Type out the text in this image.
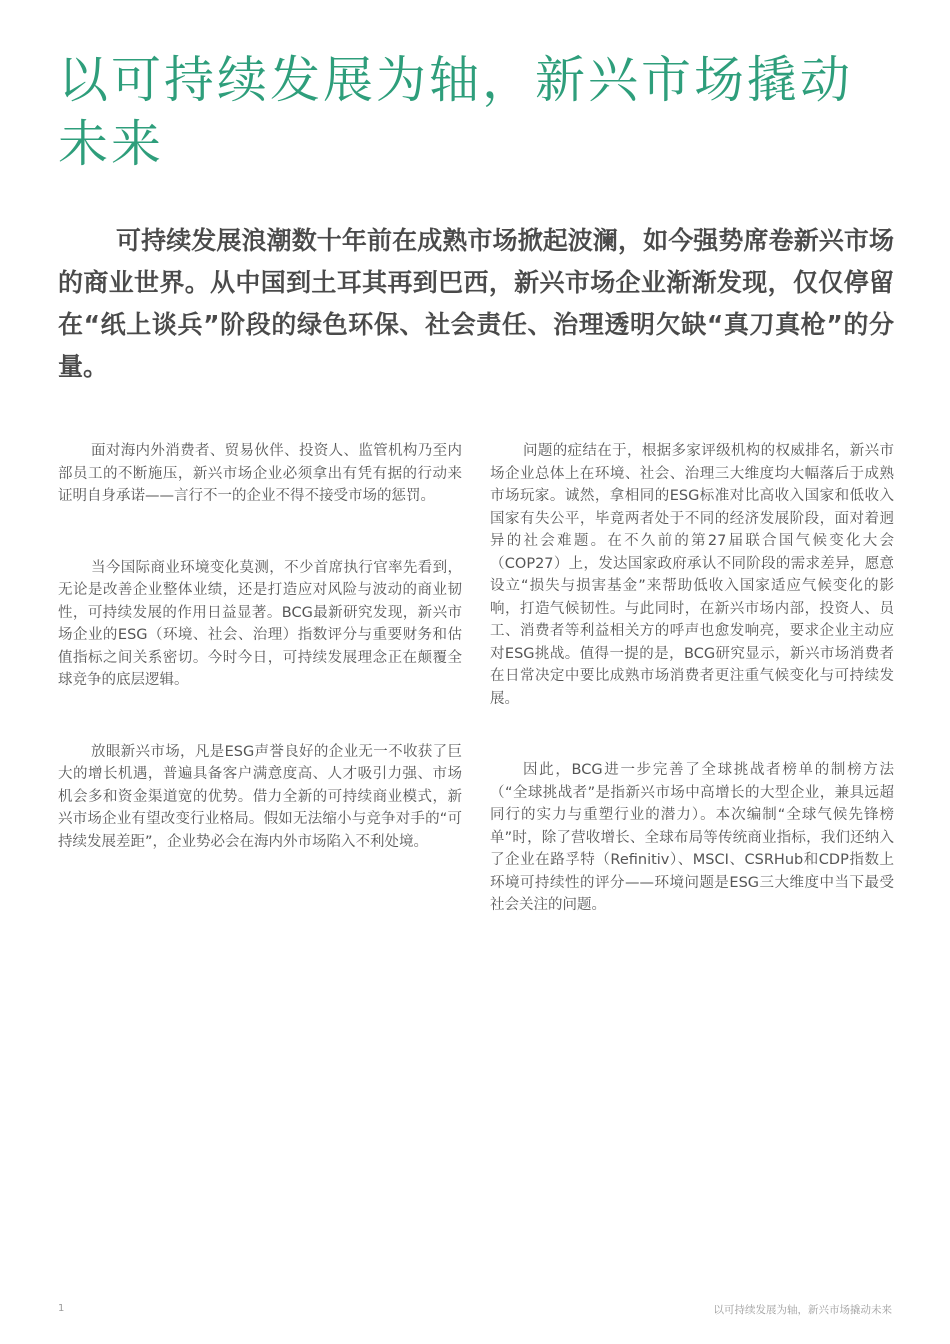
以可持续发展为轴，新兴市场撬动未来

可持续发展浪潮数十年前在成熟市场掀起波澜，如今强势席卷新兴市场的商业世界。从中国到土耳其再到巴西，新兴市场企业渐渐发现，仅仅停留在“纸上谈兵”阶段的绿色环保、社会责任、治理透明欠缺“真刀真枪”的分量。

面对海内外消费者、贸易伙伴、投资人、监管机构乃至内部员工的不断施压，新兴市场企业必须拿出有凭有据的行动来证明自身承诺——言行不一的企业不得不接受市场的惩罚。

当今国际商业环境变化莫测，不少首席执行官率先看到，无论是改善企业整体业绩，还是打造应对风险与波动的商业韧性，可持续发展的作用日益显著。BCG最新研究发现，新兴市场企业的ESG（环境、社会、治理）指数评分与重要财务和估值指标之间关系密切。今时今日，可持续发展理念正在颠覆全球竞争的底层逻辑。

放眼新兴市场，凡是ESG声誉良好的企业无一不收获了巨大的增长机遇，普遍具备客户满意度高、人才吸引力强、市场机会多和资金渠道宽的优势。借力全新的可持续商业模式，新兴市场企业有望改变行业格局。假如无法缩小与竞争对手的“可持续发展差距”，企业势必会在海内外市场陷入不利处境。

问题的症结在于，根据多家评级机构的权威排名，新兴市场企业总体上在环境、社会、治理三大维度均大幅落后于成熟市场玩家。诚然，拿相同的ESG标准对比高收入国家和低收入国家有失公平，毕竟两者处于不同的经济发展阶段，面对着迥异的社会难题。在不久前的第27届联合国气候变化大会（COP27）上，发达国家政府承认不同阶段的需求差异，愿意设立“损失与损害基金”来帮助低收入国家适应气候变化的影响，打造气候韧性。与此同时，在新兴市场内部，投资人、员工、消费者等利益相关方的呼声也愈发响亮，要求企业主动应对ESG挑战。值得一提的是，BCG研究显示，新兴市场消费者在日常决定中要比成熟市场消费者更注重气候变化与可持续发展。

因此，BCG进一步完善了全球挑战者榜单的制榜方法（“全球挑战者”是指新兴市场中高增长的大型企业，兼具远超同行的实力与重塑行业的潜力）。本次编制“全球气候先锋榜单”时，除了营收增长、全球布局等传统商业指标，我们还纳入了企业在路孚特（Refinitiv）、MSCI、CSRHub和CDP指数上环境可持续性的评分——环境问题是ESG三大维度中当下最受社会关注的问题。

1	以可持续发展为轴，新兴市场撬动未来
